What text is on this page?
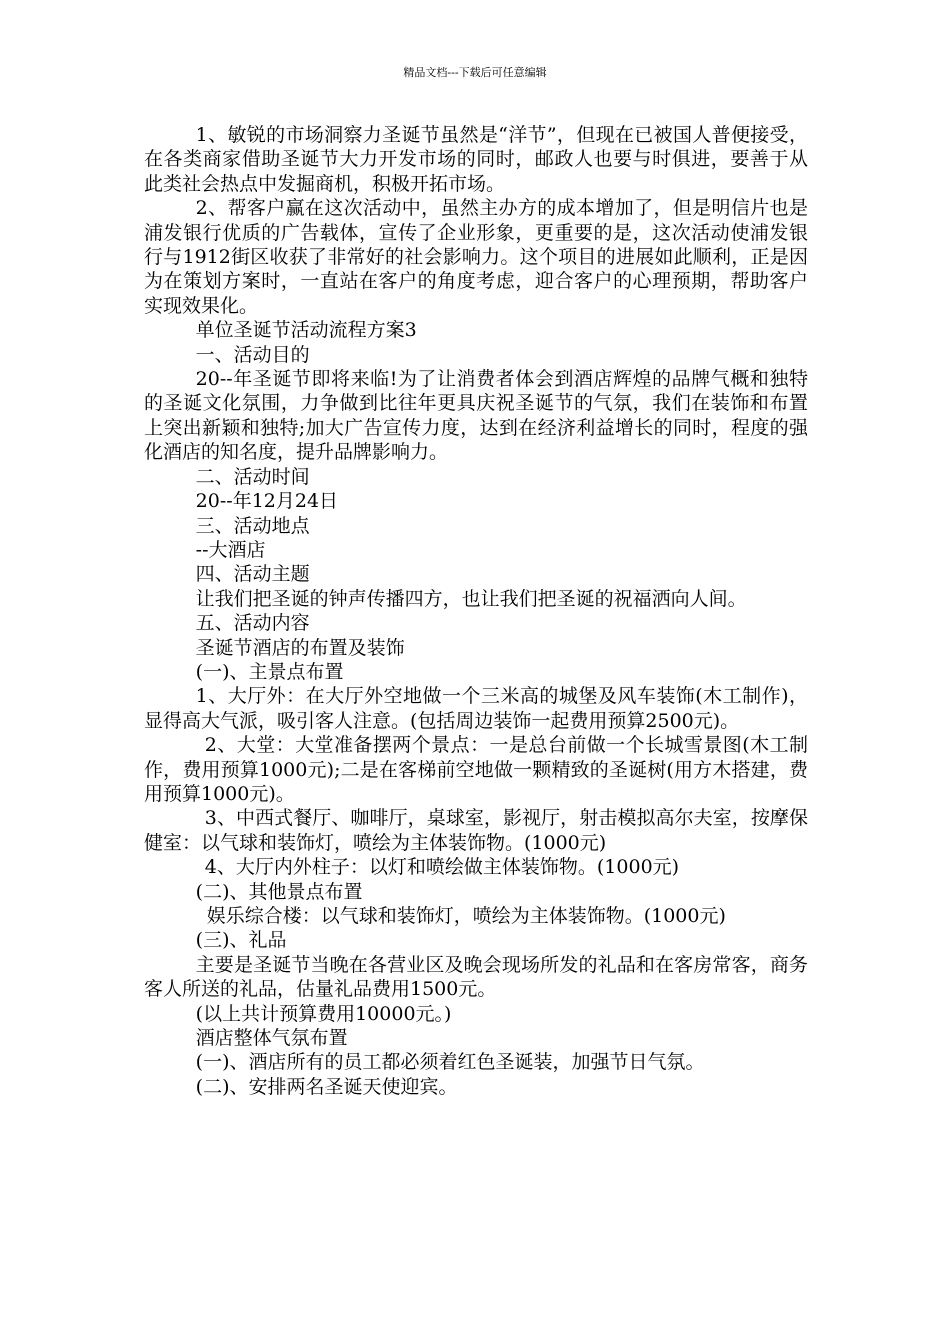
精品文档---下载后可任意编辑

1、敏锐的市场洞察力圣诞节虽然是“洋节”，但现在已被国人普便接受，在各类商家借助圣诞节大力开发市场的同时，邮政人也要与时俱进，要善于从此类社会热点中发掘商机，积极开拓市场。

2、帮客户赢在这次活动中，虽然主办方的成本增加了，但是明信片也是浦发银行优质的广告载体，宣传了企业形象，更重要的是，这次活动使浦发银行与1912街区收获了非常好的社会影响力。这个项目的进展如此顺利，正是因为在策划方案时，一直站在客户的角度考虑，迎合客户的心理预期，帮助客户实现效果化。

单位圣诞节活动流程方案3

一、活动目的

20--年圣诞节即将来临!为了让消费者体会到酒店辉煌的品牌气概和独特的圣诞文化氛围，力争做到比往年更具庆祝圣诞节的气氛，我们在装饰和布置上突出新颖和独特;加大广告宣传力度，达到在经济利益增长的同时，程度的强化酒店的知名度，提升品牌影响力。

二、活动时间

20--年12月24日

三、活动地点

--大酒店

四、活动主题

让我们把圣诞的钟声传播四方，也让我们把圣诞的祝福洒向人间。

五、活动内容

圣诞节酒店的布置及装饰

(一)、主景点布置

1、大厅外：在大厅外空地做一个三米高的城堡及风车装饰(木工制作)，显得高大气派，吸引客人注意。(包括周边装饰一起费用预算2500元)。

2、大堂：大堂准备摆两个景点：一是总台前做一个长城雪景图(木工制作，费用预算1000元);二是在客梯前空地做一颗精致的圣诞树(用方木搭建，费用预算1000元)。

3、中西式餐厅、咖啡厅，桌球室，影视厅，射击模拟高尔夫室，按摩保健室：以气球和装饰灯，喷绘为主体装饰物。(1000元)

4、大厅内外柱子：以灯和喷绘做主体装饰物。(1000元)

(二)、其他景点布置

娱乐综合楼：以气球和装饰灯，喷绘为主体装饰物。(1000元)

(三)、礼品

主要是圣诞节当晚在各营业区及晚会现场所发的礼品和在客房常客，商务客人所送的礼品，估量礼品费用1500元。

(以上共计预算费用10000元。)

酒店整体气氛布置

(一)、酒店所有的员工都必须着红色圣诞装，加强节日气氛。

(二)、安排两名圣诞天使迎宾。
